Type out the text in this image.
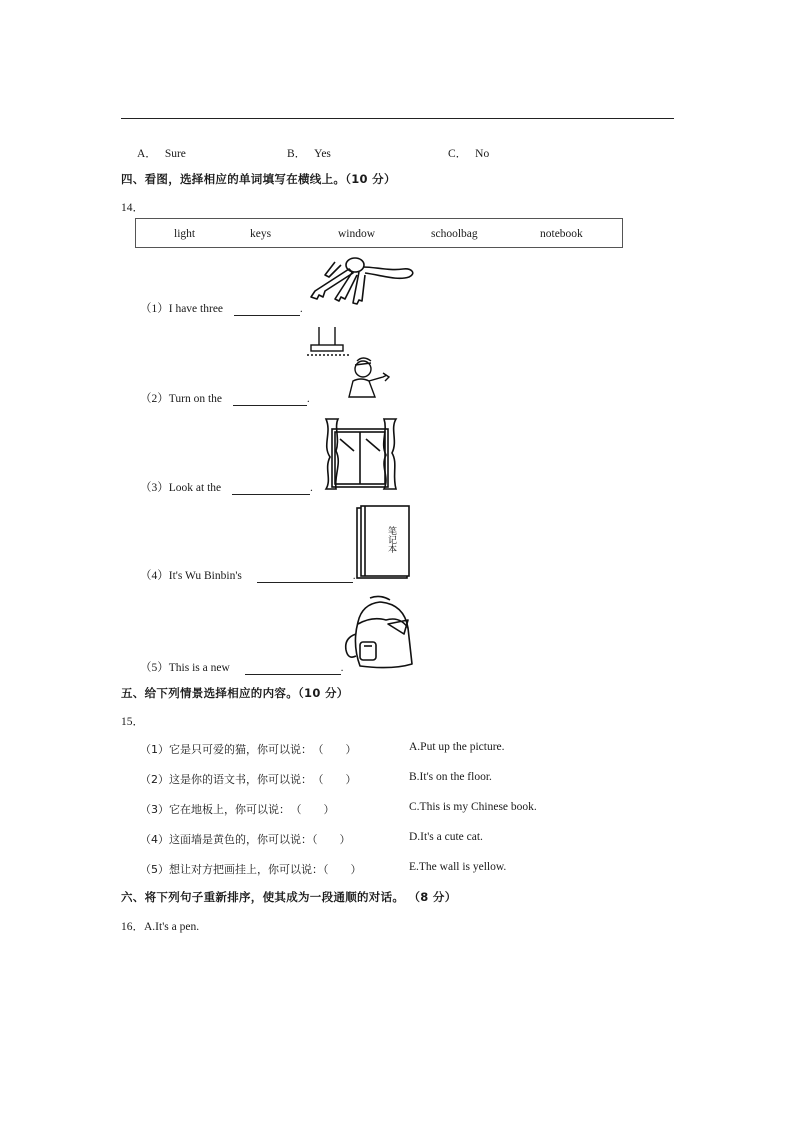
A． Sure	B． Yes	C． No
四、看图，选择相应的单词填写在横线上。（10 分）
14．
light	keys	window	schoolbag	notebook
（1）I have three	.
（2）Turn on the	.
（3）Look at the	.
（4）It's Wu Binbin's	.
笔记本
（5）This is a new	.
五、给下列情景选择相应的内容。（10 分）
15．
（1）它是只可爱的猫，你可以说： （　　）	A.Put up the picture.
（2）这是你的语文书，你可以说： （　　）	B.It's on the floor.
（3）它在地板上，你可以说： （　　）	C.This is my Chinese book.
（4）这面墙是黄色的，你可以说：（　　）	D.It's a cute cat.
（5）想让对方把画挂上，你可以说：（　　）	E.The wall is yellow.
六、将下列句子重新排序，使其成为一段通顺的对话。 （8 分）
16．A.It's a pen.
